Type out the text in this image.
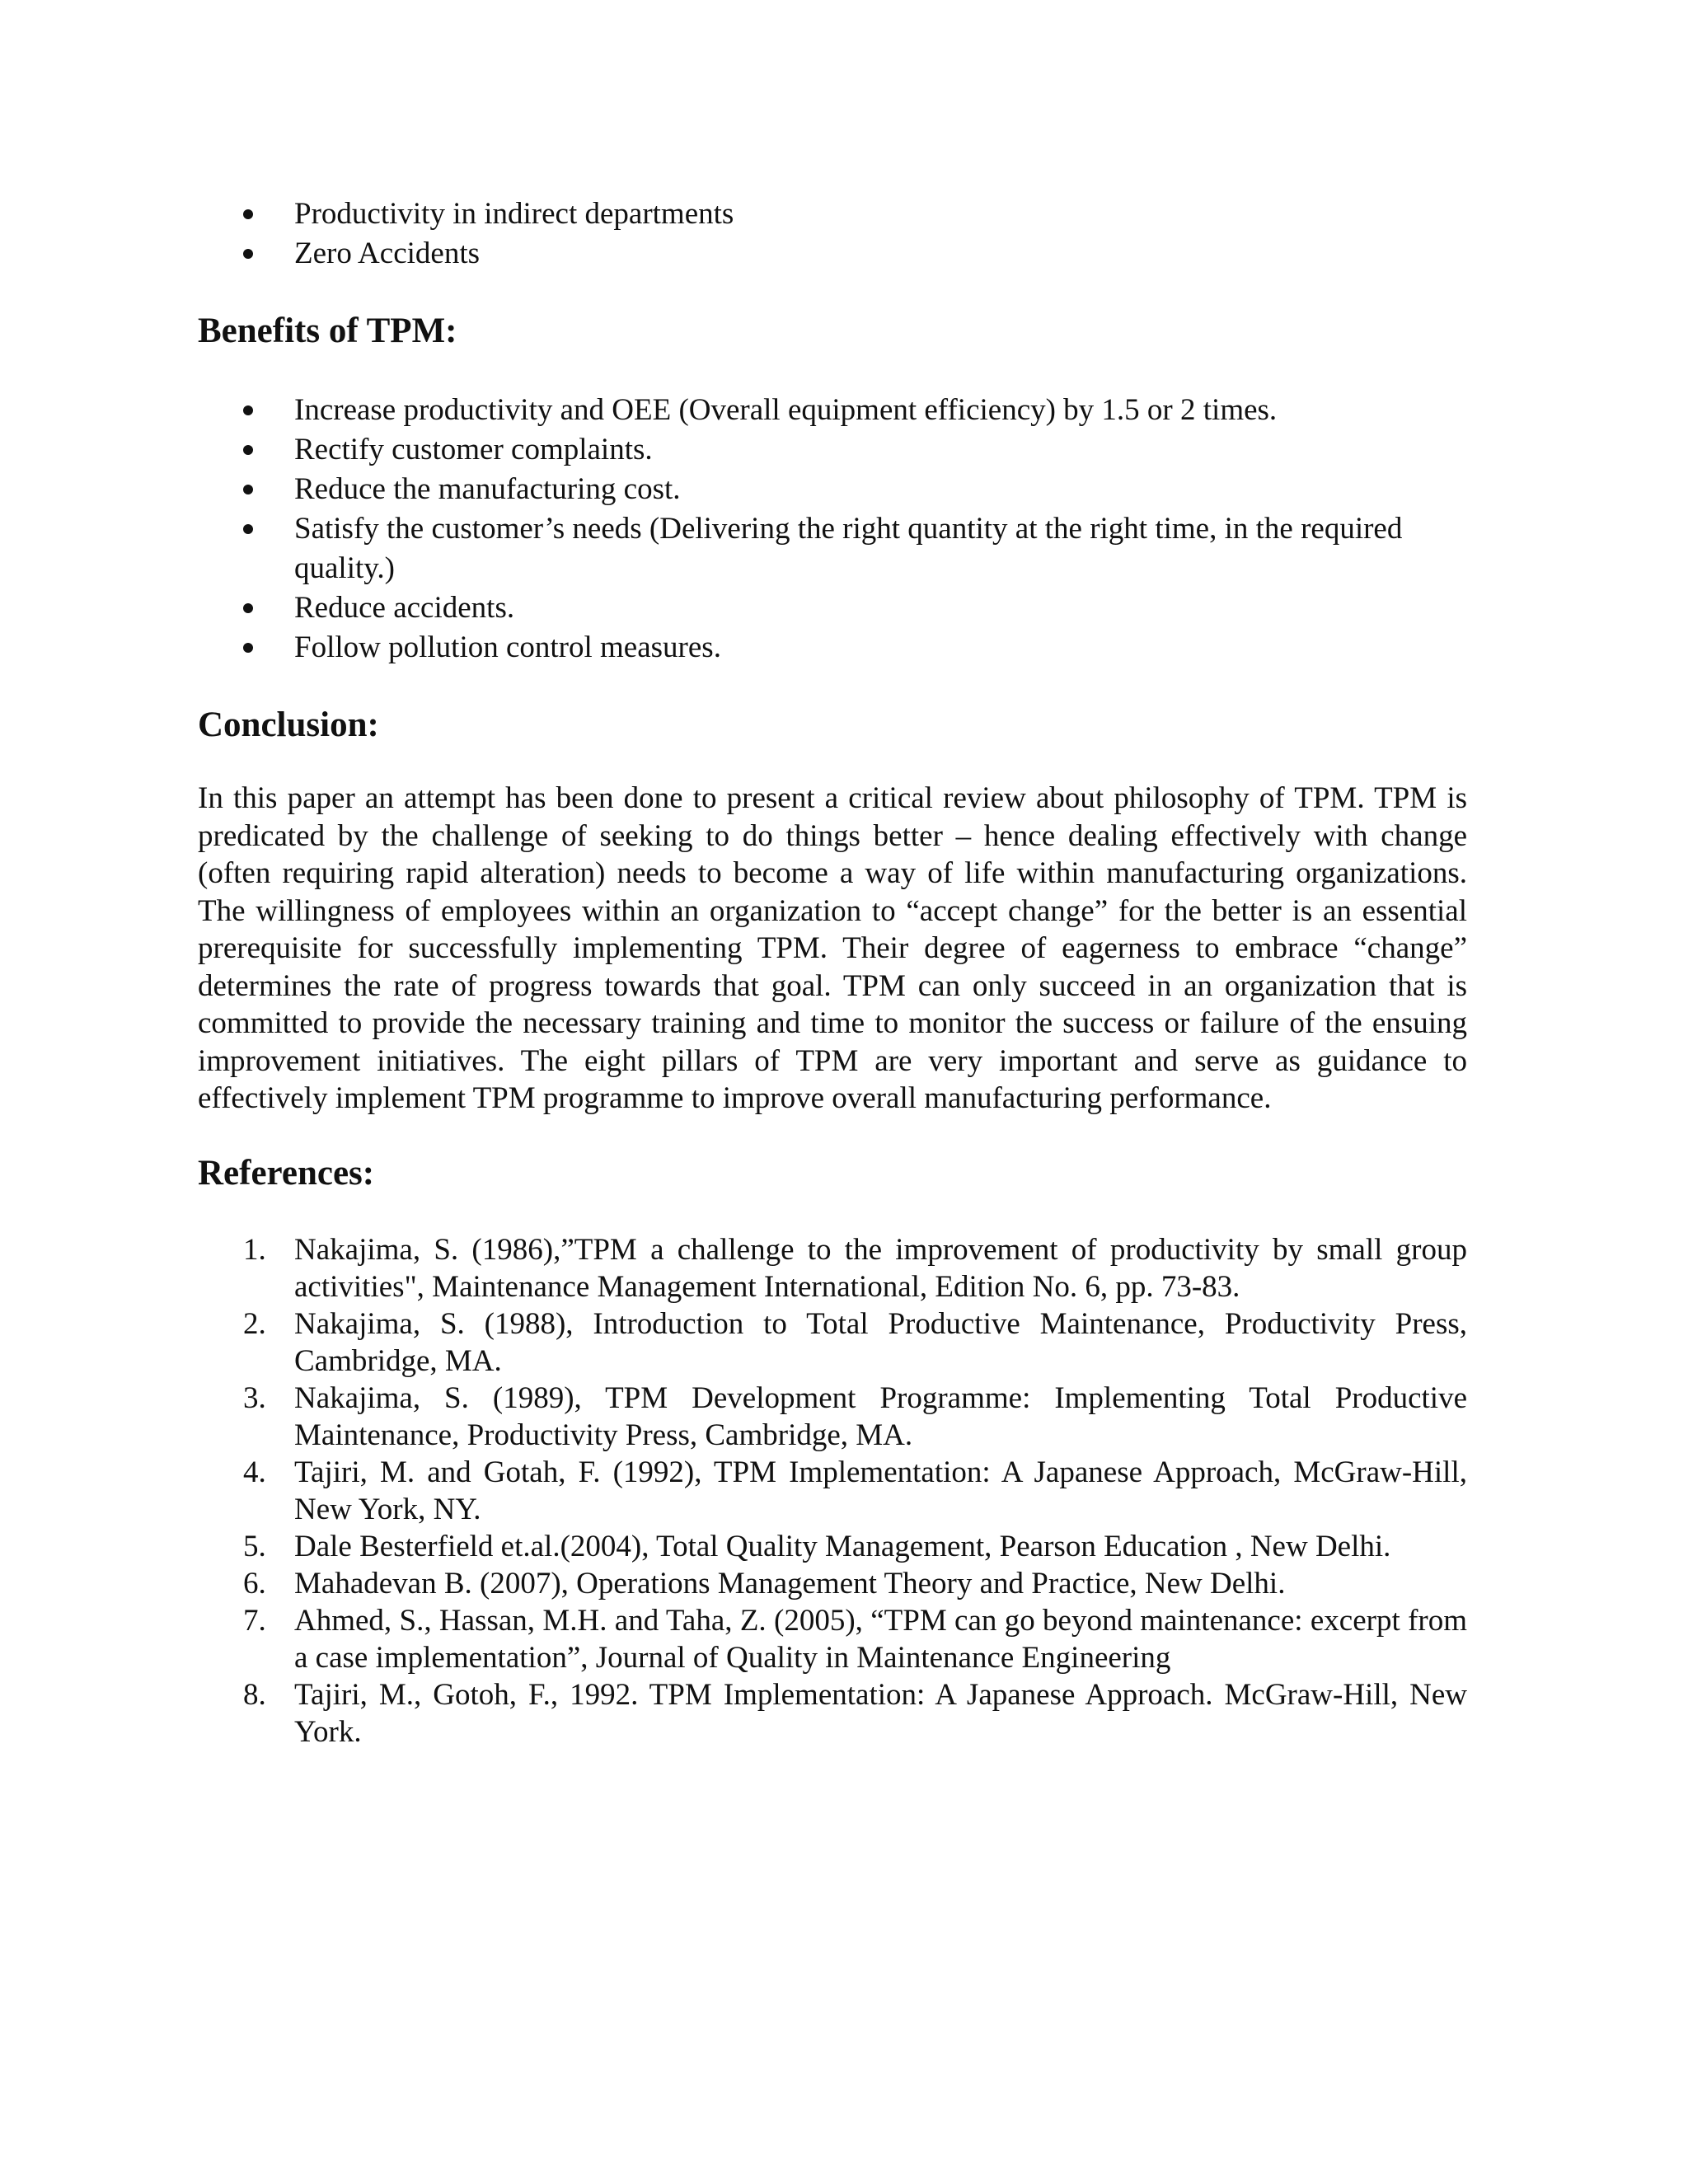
Productivity in indirect departments
Zero Accidents
Benefits of TPM:
Increase productivity and OEE (Overall equipment efficiency) by 1.5 or 2 times.
Rectify customer complaints.
Reduce the manufacturing cost.
Satisfy the customer’s needs (Delivering the right quantity at the right time, in the required quality.)
Reduce accidents.
Follow pollution control measures.
Conclusion:

In this paper an attempt has been done to present a critical review about philosophy of TPM. TPM is predicated by the challenge of seeking to do things better – hence dealing effectively with change (often requiring rapid alteration) needs to become a way of life within manufacturing organizations. The willingness of employees within an organization to “accept change” for the better is an essential prerequisite for successfully implementing TPM. Their degree of eagerness to embrace “change” determines the rate of progress towards that goal. TPM can only succeed in an organization that is committed to provide the necessary training and time to monitor the success or failure of the ensuing improvement initiatives. The eight pillars of TPM are very important and serve as guidance to effectively implement TPM programme to improve overall manufacturing performance.

References:
1. Nakajima, S. (1986),”TPM a challenge to the improvement of productivity by small group activities", Maintenance Management International, Edition No. 6, pp. 73-83.
2. Nakajima, S. (1988), Introduction to Total Productive Maintenance, Productivity Press, Cambridge, MA.
3. Nakajima, S. (1989), TPM Development Programme: Implementing Total Productive Maintenance, Productivity Press, Cambridge, MA.
4. Tajiri, M. and Gotah, F. (1992), TPM Implementation: A Japanese Approach, McGraw-Hill, New York, NY.
5. Dale Besterfield et.al.(2004), Total Quality Management, Pearson Education , New Delhi.
6. Mahadevan B. (2007), Operations Management Theory and Practice, New Delhi.
7. Ahmed, S., Hassan, M.H. and Taha, Z. (2005), “TPM can go beyond maintenance: excerpt from a case implementation”, Journal of Quality in Maintenance Engineering
8. Tajiri, M., Gotoh, F., 1992. TPM Implementation: A Japanese Approach. McGraw-Hill, New York.
